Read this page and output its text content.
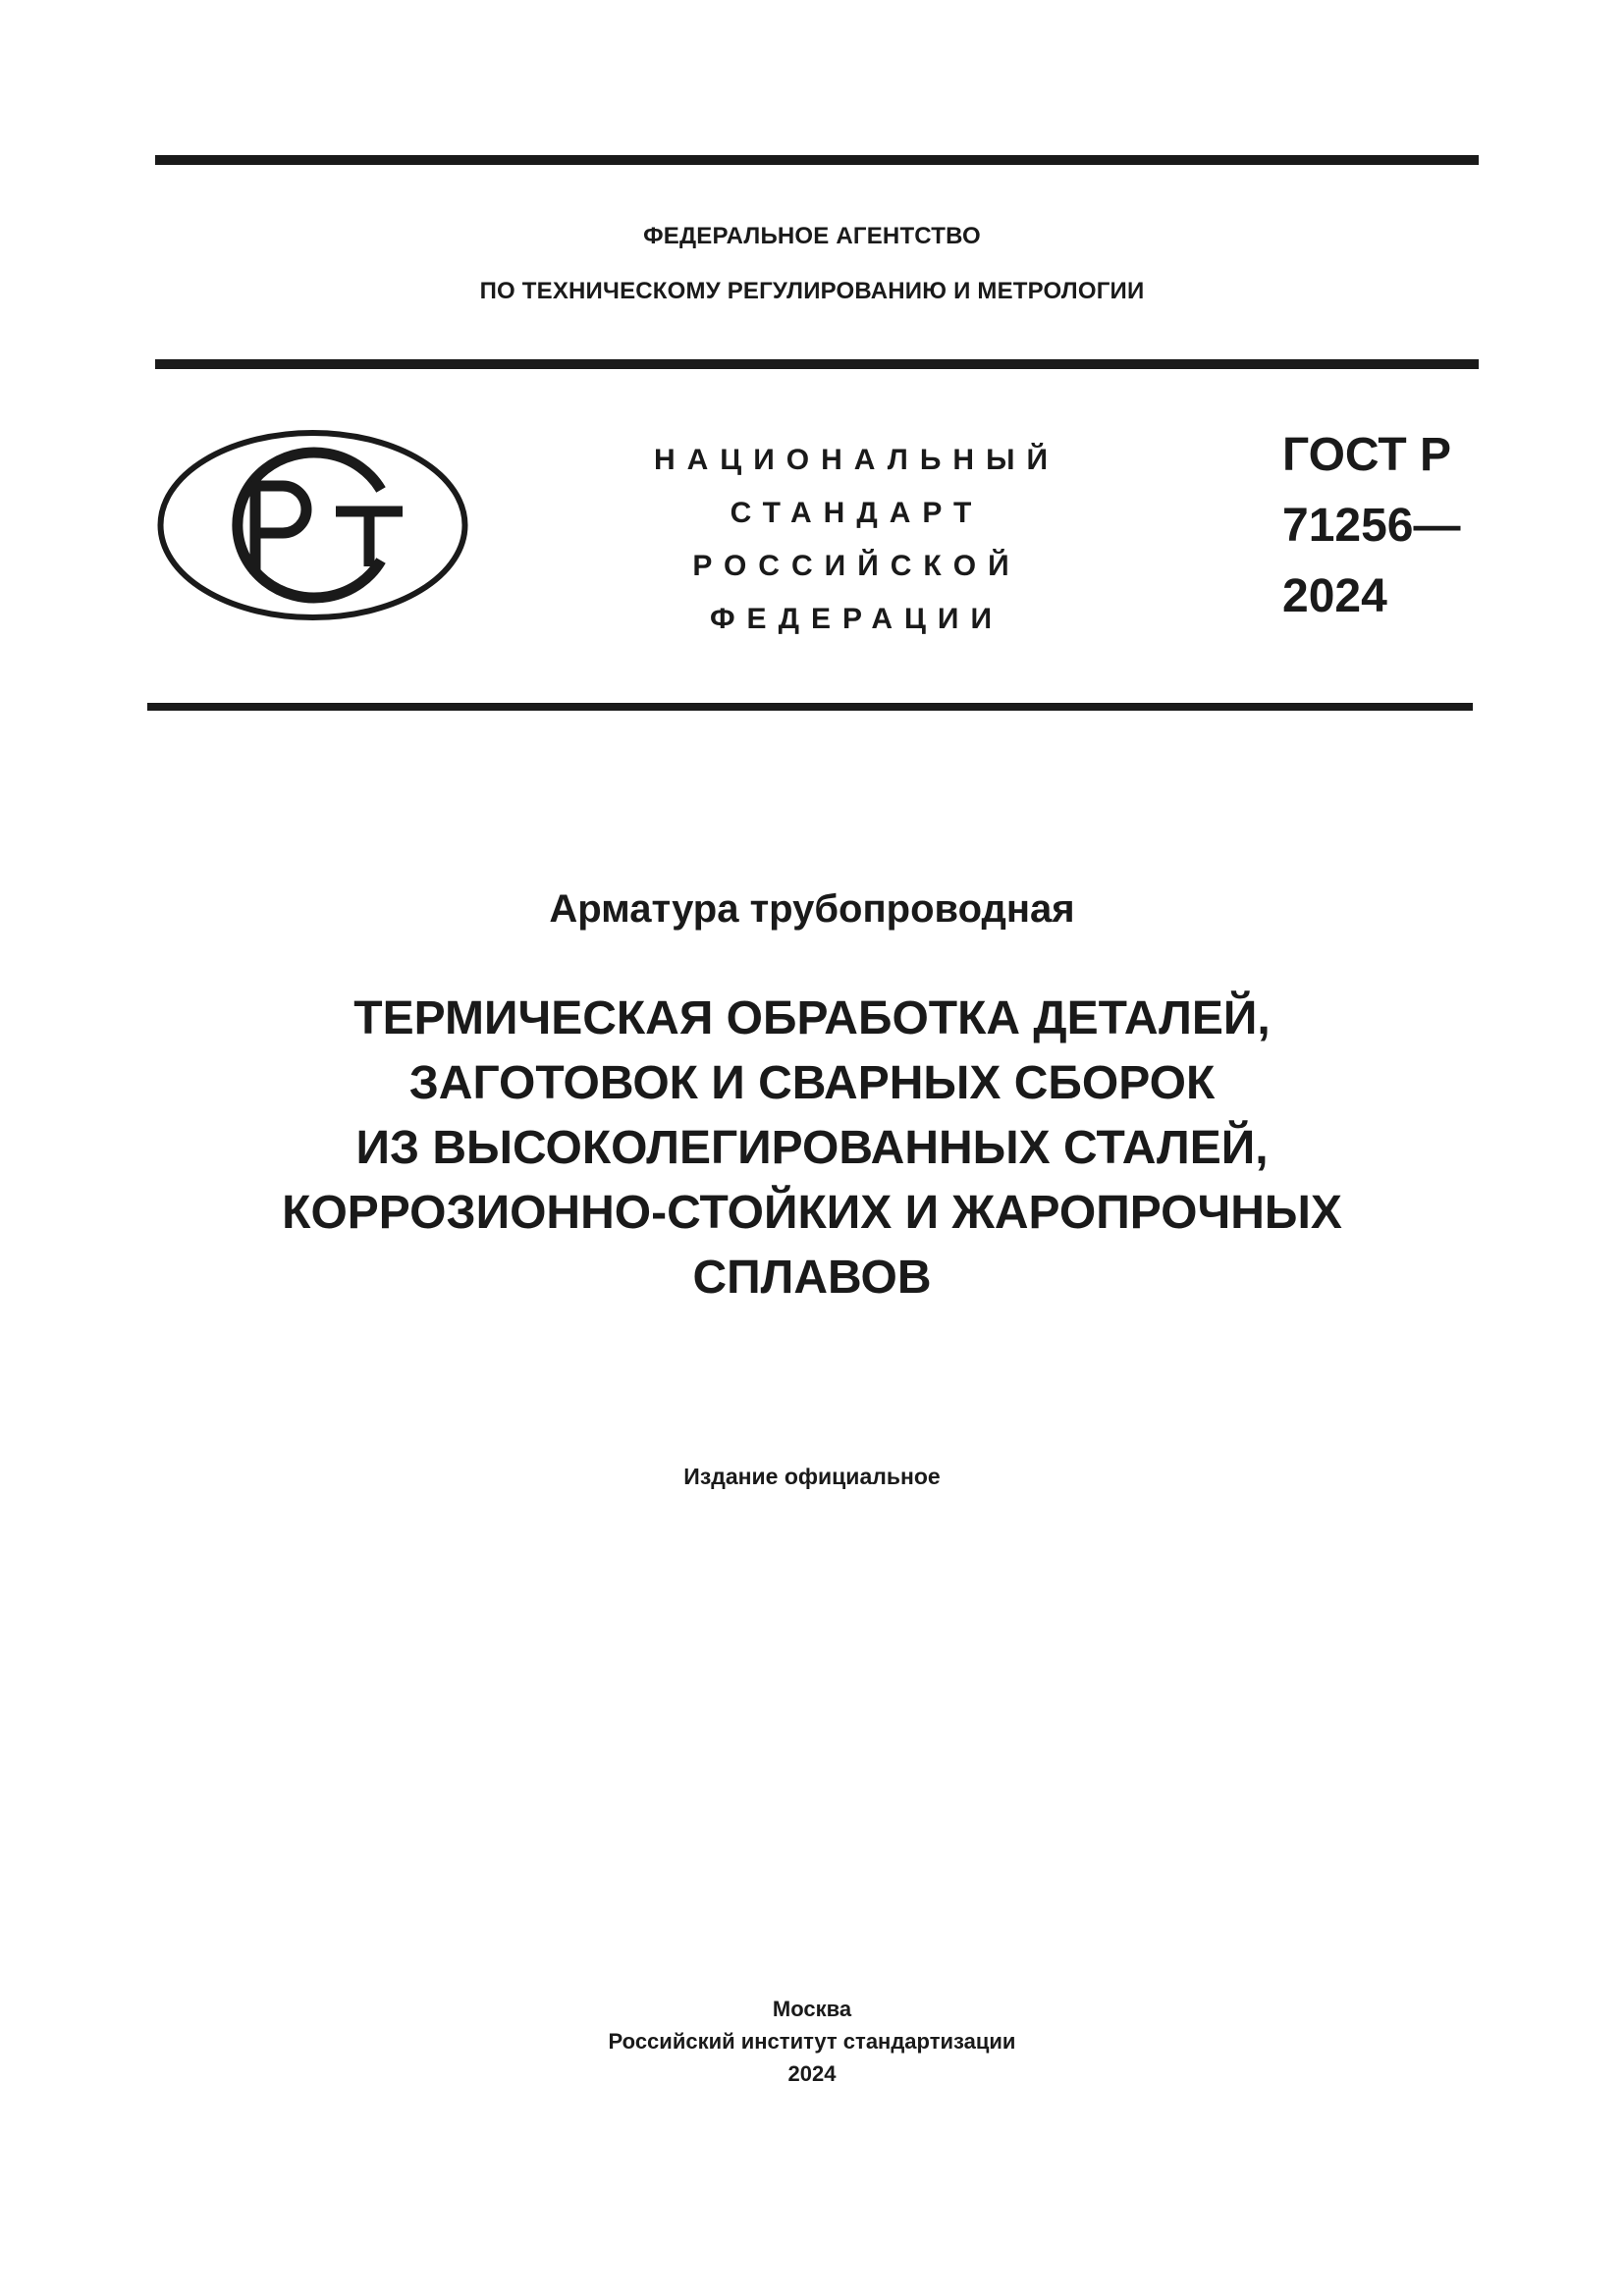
ФЕДЕРАЛЬНОЕ АГЕНТСТВО
ПО ТЕХНИЧЕСКОМУ РЕГУЛИРОВАНИЮ И МЕТРОЛОГИИ
НАЦИОНАЛЬНЫЙ
СТАНДАРТ
РОССИЙСКОЙ
ФЕДЕРАЦИИ
ГОСТ Р
71256—
2024
Арматура трубопроводная
ТЕРМИЧЕСКАЯ ОБРАБОТКА ДЕТАЛЕЙ,
ЗАГОТОВОК И СВАРНЫХ СБОРОК
ИЗ ВЫСОКОЛЕГИРОВАННЫХ СТАЛЕЙ,
КОРРОЗИОННО-СТОЙКИХ И ЖАРОПРОЧНЫХ
СПЛАВОВ
Издание официальное
Москва
Российский институт стандартизации
2024
